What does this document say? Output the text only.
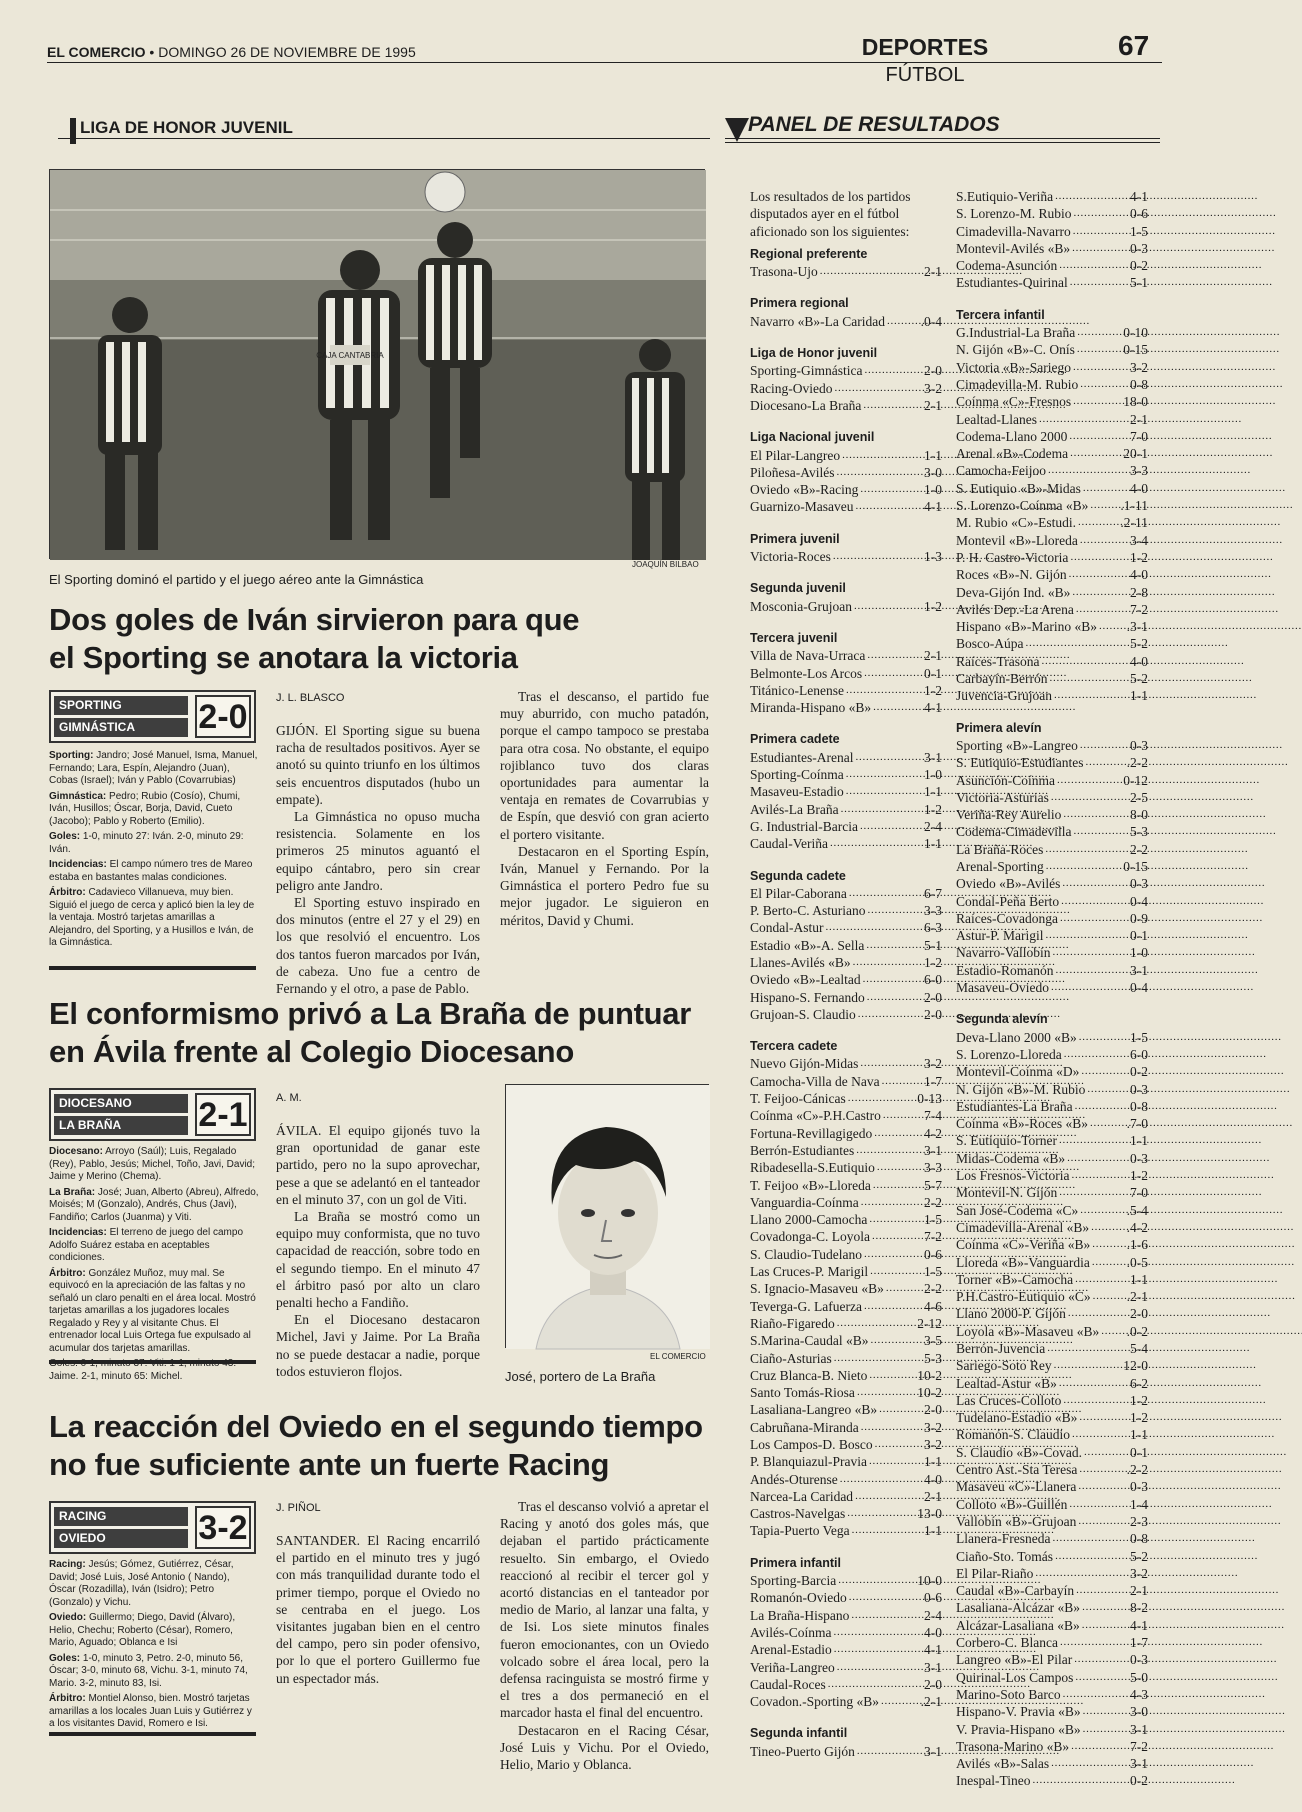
EL COMERCIO • DOMINGO 26 DE NOVIEMBRE DE 1995	DEPORTES
FÚTBOL
67
LIGA DE HONOR JUVENIL	PANEL DE RESULTADOS
CAJA CANTABRIA
JOAQUÍN BILBAO
El Sporting dominó el partido y el juego aéreo ante la Gimnástica
Dos goles de Iván sirvieron para que
el Sporting se anotara la victoria
SPORTING
GIMNÁSTICA	2-0

Sporting: Jandro; José Manuel, Isma, Manuel, Fernando; Lara, Espín, Alejandro (Juan), Cobas (Israel); Iván y Pablo (Covarrubias)

Gimnástica: Pedro; Rubio (Cosío), Chumi, Iván, Husillos; Óscar, Borja, David, Cueto (Jacobo); Pablo y Roberto (Emilio).

Goles: 1-0, minuto 27: Iván. 2-0, minuto 29: Iván.

Incidencias: El campo número tres de Mareo estaba en bastantes malas condiciones.

Árbitro: Cadavieco Villanueva, muy bien. Siguió el juego de cerca y aplicó bien la ley de la ventaja. Mostró tarjetas amarillas a Alejandro, del Sporting, y a Husillos e Iván, de la Gimnástica.

J. L. BLASCO

GIJÓN. El Sporting sigue su buena racha de resultados positivos. Ayer se anotó su quinto triunfo en los últimos seis encuentros disputados (hubo un empate).

La Gimnástica no opuso mucha resistencia. Solamente en los primeros 25 minutos aguantó el equipo cántabro, pero sin crear peligro ante Jandro.

El Sporting estuvo inspirado en dos minutos (entre el 27 y el 29) en los que resolvió el encuentro. Los dos tantos fueron marcados por Iván, de cabeza. Uno fue a centro de Fernando y el otro, a pase de Pablo.

Tras el descanso, el partido fue muy aburrido, con mucho patadón, porque el campo tampoco se prestaba para otra cosa. No obstante, el equipo rojiblanco tuvo dos claras oportunidades para aumentar la ventaja en remates de Covarrubias y de Espín, que desvió con gran acierto el portero visitante.

Destacaron en el Sporting Espín, Iván, Manuel y Fernando. Por la Gimnástica el portero Pedro fue su mejor jugador. Le siguieron en méritos, David y Chumi.

El conformismo privó a La Braña de puntuar
en Ávila frente al Colegio Diocesano
DIOCESANO
LA BRAÑA	2-1

Diocesano: Arroyo (Saúl); Luis, Regalado (Rey), Pablo, Jesús; Michel, Toño, Javi, David; Jaime y Merino (Chema).

La Braña: José; Juan, Alberto (Abreu), Alfredo, Moisés; M (Gonzalo), Andrés, Chus (Javi), Fandiño; Carlos (Juanma) y Viti.

Incidencias: El terreno de juego del campo Adolfo Suárez estaba en aceptables condiciones.

Árbitro: González Muñoz, muy mal. Se equivocó en la apreciación de las faltas y no señaló un claro penalti en el área local. Mostró tarjetas amarillas a los jugadores locales Regalado y Rey y al visitante Chus. El entrenador local Luis Ortega fue expulsado al acumular dos tarjetas amarillas.

Jaime. 2-1, minuto 65: Michel.

A. M.

ÁVILA. El equipo gijonés tuvo la gran oportunidad de ganar este partido, pero no la supo aprovechar, pese a que se adelantó en el tanteador en el minuto 37, con un gol de Viti.

La Braña se mostró como un equipo muy conformista, que no tuvo capacidad de reacción, sobre todo en el segundo tiempo. En el minuto 47 el árbitro pasó por alto un claro penalti hecho a Fandiño.

En el Diocesano destacaron Michel, Javi y Jaime. Por La Braña no se puede destacar a nadie, porque todos estuvieron flojos.

EL COMERCIO
José, portero de La Braña
La reacción del Oviedo en el segundo tiempo
no fue suficiente ante un fuerte Racing
RACING
OVIEDO	3-2

Racing: Jesús; Gómez, Gutiérrez, César, David; José Luis, José Antonio ( Nando), Óscar (Rozadilla), Iván (Isidro); Petro (Gonzalo) y Vichu.

Oviedo: Guillermo; Diego, David (Álvaro), Helio, Chechu; Roberto (César), Romero, Mario, Aguado; Oblanca e Isi

Goles: 1-0, minuto 3, Petro. 2-0, minuto 56, Óscar; 3-0, minuto 68, Vichu. 3-1, minuto 74, Mario. 3-2, minuto 83, Isi.

Árbitro: Montiel Alonso, bien. Mostró tarjetas amarillas a los locales Juan Luis y Gutiérrez y a los visitantes David, Romero e Isi.

J. PIÑOL

SANTANDER. El Racing encarriló el partido en el minuto tres y jugó con más tranquilidad durante todo el primer tiempo, porque el Oviedo no se centraba en el juego. Los visitantes jugaban bien en el centro del campo, pero sin poder ofensivo, por lo que el portero Guillermo fue un espectador más.

Tras el descanso volvió a apretar el Racing y anotó dos goles más, que dejaban el partido prácticamente resuelto. Sin embargo, el Oviedo reaccionó al recibir el tercer gol y acortó distancias en el tanteador por medio de Mario, al lanzar una falta, y de Isi. Los siete minutos finales fueron emocionantes, con un Oviedo volcado sobre el área local, pero la defensa racinguista se mostró firme y el tres a dos permaneció en el marcador hasta el final del encuentro.

Destacaron en el Racing César, José Luis y Vichu. Por el Oviedo, Helio, Mario y Oblanca.

Los resultados de los partidos disputados ayer en el fútbol aficionado son los siguientes:
Regional preferente
Trasona-Ujo . . .	2-1
Primera regional
Navarro «B»-La Caridad . . .	.0-4
Liga de Honor juvenil
Sporting-Gimnástica . . .	2-0
Racing-Oviedo . . .	3-2
Diocesano-La Braña . . .	2-1
Liga Nacional juvenil
El Pilar-Langreo . . .	1-1
Piloñesa-Avilés . . .	3-0
Oviedo «B»-Racing . . .	1-0
Guarnizo-Masaveu . . .	4-1
Primera juvenil
Victoria-Roces . . .	1-3
Segunda juvenil
Mosconia-Grujoan . . .	1-2
Tercera juvenil
Villa de Nava-Urraca . . .	2-1
Belmonte-Los Arcos . . .	0-1
Titánico-Lenense . . .	1-2
Miranda-Hispano «B» . . .	4-1
Primera cadete
Estudiantes-Arenal . . .	3-1
Sporting-Coínma . . .	1-0
Masaveu-Estadio . . .	1-1
Avilés-La Braña . . .	1-2
G. Industrial-Barcia . . .	2-4
Caudal-Veriña . . .	1-1
Segunda cadete
El Pilar-Caborana . . .	6-7
P. Berto-C. Asturiano . . .	3-3
Condal-Astur . . .	6-3
Estadio «B»-A. Sella . . .	5-1
Llanes-Avilés «B» . . .	1-2
Oviedo «B»-Lealtad . . .	6-0
Hispano-S. Fernando . . .	2-0
Grujoan-S. Claudio . . .	2-0
Tercera cadete
Nuevo Gijón-Midas . . .	3-2
Camocha-Villa de Nava . . .	1-7
T. Feijoo-Cánicas . . .	0-13
Coínma «C»-P.H.Castro . . .	7-4
Fortuna-Revillagigedo . . .	4-2
Berrón-Estudiantes . . .	3-1
Ribadesella-S.Eutiquio . . .	3-3
T. Feijoo «B»-Lloreda . . .	5-7
Vanguardia-Coínma . . .	2-2
Llano 2000-Camocha . . .	1-5
Covadonga-C. Loyola . . .	7-2
S. Claudio-Tudelano . . .	0-6
Las Cruces-P. Marigil . . .	1-5
S. Ignacio-Masaveu «B» . . .	2-2
Teverga-G. Lafuerza . . .	4-6
Riaño-Figaredo . . .	2-12
S.Marina-Caudal «B» . . .	3-5
Ciaño-Asturias . . .	5-3
Cruz Blanca-B. Nieto . . .	10-2
Santo Tomás-Riosa . . .	10-2
Lasaliana-Langreo «B» . . .	2-0
Cabruñana-Miranda . . .	3-2
Los Campos-D. Bosco . . .	3-2
P. Blanquiazul-Pravia . . .	1-1
Andés-Oturense . . .	4-0
Narcea-La Caridad . . .	2-1
Castros-Navelgas . . .	13-0
Tapia-Puerto Vega . . .	1-1
Primera infantil
Sporting-Barcia . . .	10-0
Romanón-Oviedo . . .	0-6
La Braña-Hispano . . .	2-4
Avilés-Coínma . . .	4-0
Arenal-Estadio . . .	4-1
Veriña-Langreo . . .	3-1
Caudal-Roces . . .	2-0
Covadon.-Sporting «B» . . .	.2-1
Segunda infantil
Tineo-Puerto Gijón . . .	3-1
S.Eutiquio-Veriña . . .	4-1
S. Lorenzo-M. Rubio . . .	0-6
Cimadevilla-Navarro . . .	1-5
Montevil-Avilés «B» . . .	0-3
Codema-Asunción . . .	0-2
Estudiantes-Quirinal . . .	5-1
Tercera infantil
G.Industrial-La Braña . . .	0-10
N. Gijón «B»-C. Onís . . .	0-15
Victoria «B»-Sariego . . .	3-2
Cimadevilla-M. Rubio . . .	0-8
Coínma «C»-Fresnos . . .	18-0
Lealtad-Llanes . . .	2-1
Codema-Llano 2000 . . .	7-0
Arenal «B»-Codema . . .	20-1
Camocha-Feijoo . . .	3-3
S. Eutiquio «B»-Midas . . .	4-0
S. Lorenzo-Coínma «B» . . . .1-11
M. Rubio «C»-Estudi. . . .	.2-11
Montevil «B»-Lloreda . . .	3-4
P. H. Castro-Victoria . . .	1-2
Roces «B»-N. Gijón . . .	4-0
Deva-Gijón Ind. «B» . . .	2-8
Avilés Dep.-La Arena . . .	7-2
Hispano «B»-Marino «B» . . . .3-1
Bosco-Aúpa . . .	5-2
Raíces-Trasona . . .	4-0
Carbayín-Berrón . . .	5-2
Juvencia-Grujoan . . .	1-1
Primera alevín
Sporting «B»-Langreo . . .	0-3
S. Eutiquio-Estudiantes . . .	.2-2
Asunción-Coínma . . .	0-12
Victoria-Asturias . . .	2-5
Veriña-Rey Aurelio . . .	8-0
Codema-Cimadevilla . . .	5-3
La Braña-Roces . . .	2-2
Arenal-Sporting . . .	0-15
Oviedo «B»-Avilés . . .	0-3
Condal-Peña Berto . . .	0-4
Raíces-Covadonga . . .	0-9
Astur-P. Marigil . . .	0-1
Navarro-Vallobín . . .	1-0
Estadio-Romanón . . .	3-1
Masaveu-Oviedo . . .	0-4
Segunda alevín
Deva-Llano 2000 «B» . . .	1-5
S. Lorenzo-Lloreda . . .	6-0
Montevil-Coínma «D» . . .	0-2
N. Gijón «B»-M. Rubio . . .	0-3
Estudiantes-La Braña . . .	0-8
Coínma «B»-Roces «B» . . .	.7-0
S. Eutiquio-Torner . . .	1-1
Midas-Codema «B» . . .	0-3
Los Fresnos-Victoria . . .	1-2
Montevil-N. Gijón . . .	7-0
San José-Codema «C» . . .	.5-4
Cimadevilla-Arenal «B» . . .	.4-2
Coínma «C»-Veriña «B» . . .	.1-6
Lloreda «B»-Vanguardia . . .	.0-5
Torner «B»-Camocha . . .	1-1
P.H.Castro-Eutiquio «C» . . .	.2-1
Llano 2000-P. Gijón . . .	2-0
Loyola «B»-Masaveu «B» . . . .0-2
Berrón-Juvencia . . .	5-4
Sariego-Soto Rey . . .	12-0
Lealtad-Astur «B» . . .	6-2
Las Cruces-Colloto . . .	1-2
Tudelano-Estadio «B» . . .	1-2
Romanón-S. Claudio . . .	1-1
S. Claudio «B»-Covad. . . .	0-1
Centro Ast.-Sta Teresa . . .	.2-2
Masaveu «C»-Llanera . . .	0-3
Colloto «B»-Guillén . . .	1-4
Vallobín «B»-Grujoan . . .	2-3
Llanera-Fresneda . . .	0-8
Ciaño-Sto. Tomás . . .	5-2
El Pilar-Riaño . . .	3-2
Caudal «B»-Carbayín . . .	2-1
Lasaliana-Alcázar «B» . . .	8-2
Alcázar-Lasaliana «B» . . .	4-1
Corbero-C. Blanca . . .	1-7
Langreo «B»-El Pilar . . .	0-3
Quirinal-Los Campos . . .	5-0
Marino-Soto Barco . . .	4-3
Hispano-V. Pravia «B» . . .	3-0
V. Pravia-Hispano «B» . . .	3-1
Trasona-Marino «B» . . .	7-2
Avilés «B»-Salas . . .	3-1
Inespal-Tineo . . .	0-2
